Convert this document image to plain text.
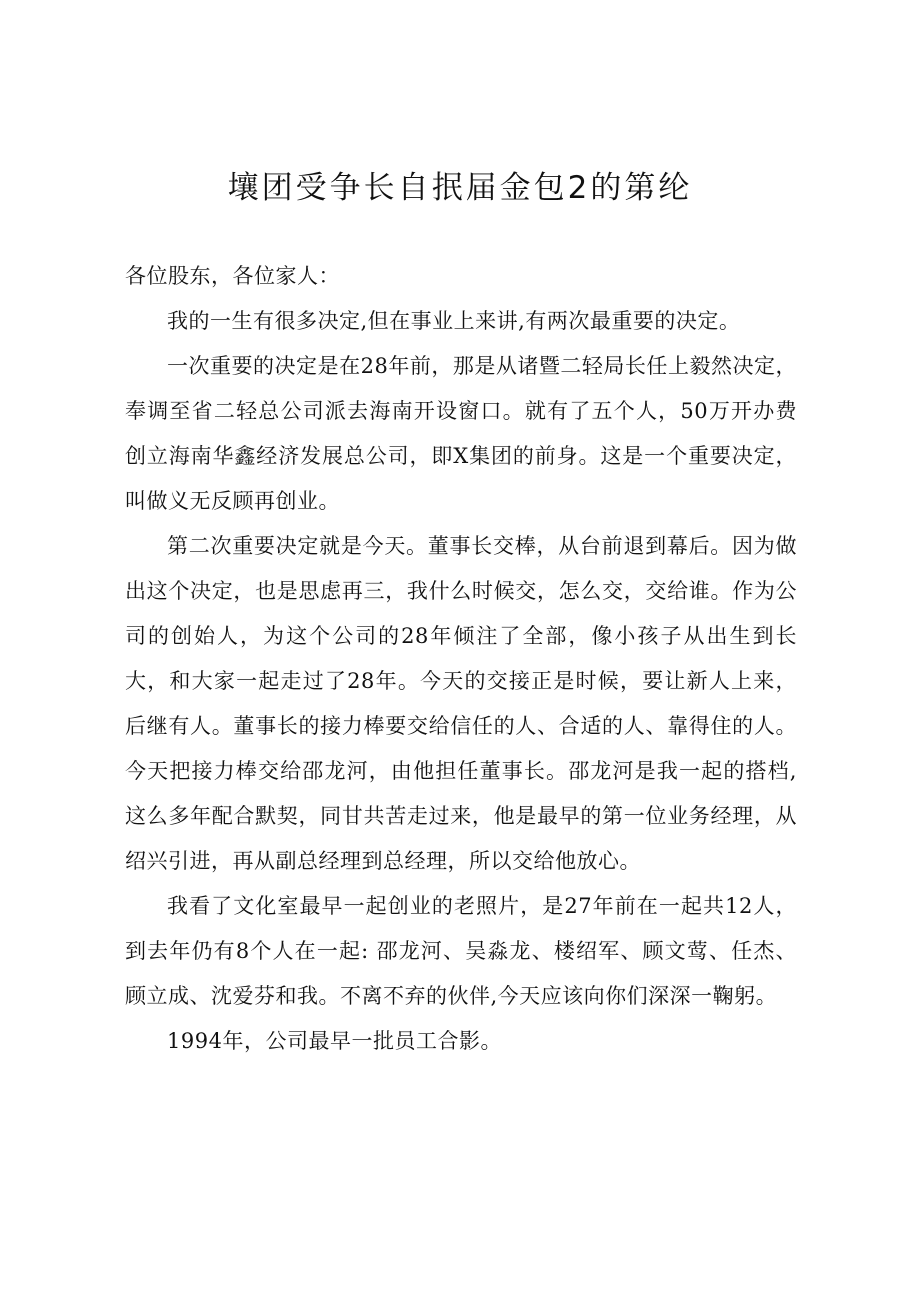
壤团受争长自抿届金包2的第纶

各位股东，各位家人：

我的一生有很多决定,但在事业上来讲,有两次最重要的决定。

一次重要的决定是在28年前，那是从诸暨二轻局长任上毅然决定，奉调至省二轻总公司派去海南开设窗口。就有了五个人，50万开办费创立海南华鑫经济发展总公司，即X集团的前身。这是一个重要决定，叫做义无反顾再创业。

第二次重要决定就是今天。董事长交棒，从台前退到幕后。因为做出这个决定，也是思虑再三，我什么时候交，怎么交，交给谁。作为公司的创始人，为这个公司的28年倾注了全部，像小孩子从出生到长大，和大家一起走过了28年。今天的交接正是时候，要让新人上来，后继有人。董事长的接力棒要交给信任的人、合适的人、靠得住的人。今天把接力棒交给邵龙河，由他担任董事长。邵龙河是我一起的搭档,这么多年配合默契，同甘共苦走过来，他是最早的第一位业务经理，从绍兴引进，再从副总经理到总经理，所以交给他放心。

我看了文化室最早一起创业的老照片，是27年前在一起共12人，到去年仍有8个人在一起: 邵龙河、吴淼龙、楼绍军、顾文莺、任杰、顾立成、沈爱芬和我。不离不弃的伙伴,今天应该向你们深深一鞠躬。

1994年，公司最早一批员工合影。
